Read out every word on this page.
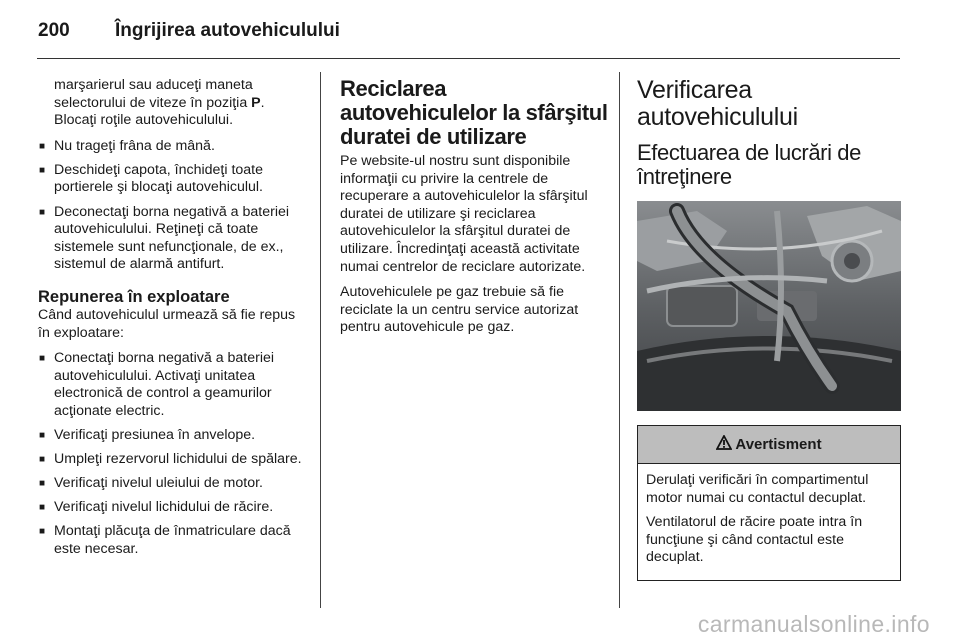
200 Îngrijirea autovehiculului

marşarierul sau aduceţi maneta selectorului de viteze în poziţia P. Blocaţi roţile autovehiculului.

■ Nu trageţi frâna de mână.
■ Deschideţi capota, închideţi toate portierele şi blocaţi autovehiculul.
■ Deconectaţi borna negativă a bateriei autovehiculului. Reţineţi că toate sistemele sunt nefuncţionale, de ex., sistemul de alarmă antifurt.
Repunerea în exploatare

Când autovehiculul urmează să fie repus în exploatare:

■ Conectaţi borna negativă a bateriei autovehiculului. Activaţi unitatea electronică de control a geamurilor acţionate electric.
■ Verificaţi presiunea în anvelope.
■ Umpleţi rezervorul lichidului de spălare.
■ Verificaţi nivelul uleiului de motor.
■ Verificaţi nivelul lichidului de răcire.
■ Montaţi plăcuţa de înmatriculare dacă este necesar.
Reciclarea autovehiculelor la sfârşitul duratei de utilizare

Pe website-ul nostru sunt disponibile informaţii cu privire la centrele de recuperare a autovehiculelor la sfârşitul duratei de utilizare şi reciclarea autovehiculelor la sfârşitul duratei de utilizare. Încredinţaţi această activitate numai centrelor de reciclare autorizate.

Autovehiculele pe gaz trebuie să fie reciclate la un centru service autorizat pentru autovehicule pe gaz.

Verificarea autovehiculului
Efectuarea de lucrări de întreţinere
Avertisment

Derulaţi verificări în compartimentul motor numai cu contactul decuplat.

Ventilatorul de răcire poate intra în funcţiune şi când contactul este decuplat.

carmanualsonline.info
